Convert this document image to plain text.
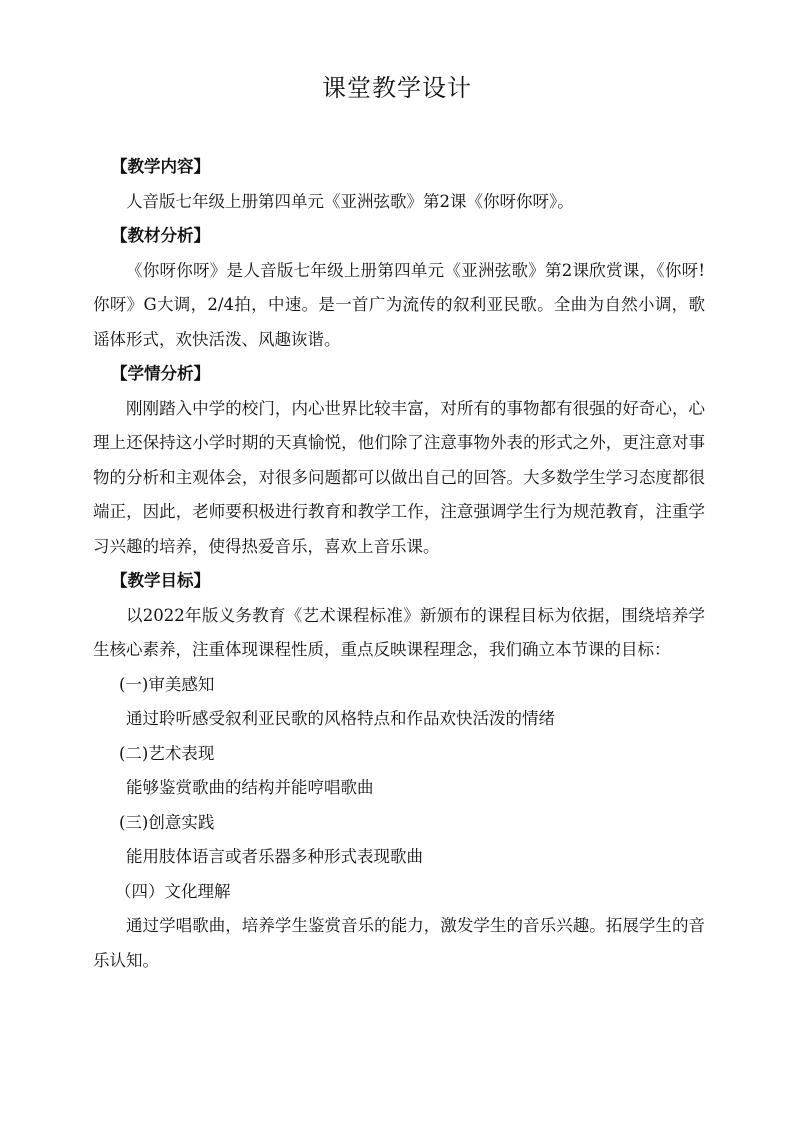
课堂教学设计

【教学内容】

人音版七年级上册第四单元《亚洲弦歌》第2课《你呀你呀》。

【教材分析】

《你呀你呀》是人音版七年级上册第四单元《亚洲弦歌》第2课欣赏课，《你呀!你呀》G大调，2/4拍，中速。是一首广为流传的叙利亚民歌。全曲为自然小调，歌谣体形式，欢快活泼、风趣诙谐。

【学情分析】

刚刚踏入中学的校门，内心世界比较丰富，对所有的事物都有很强的好奇心，心理上还保持这小学时期的天真愉悦，他们除了注意事物外表的形式之外，更注意对事物的分析和主观体会，对很多问题都可以做出自己的回答。大多数学生学习态度都很端正，因此，老师要积极进行教育和教学工作，注意强调学生行为规范教育，注重学习兴趣的培养，使得热爱音乐，喜欢上音乐课。

【教学目标】

以2022年版义务教育《艺术课程标准》新颁布的课程目标为依据，围绕培养学生核心素养，注重体现课程性质，重点反映课程理念，我们确立本节课的目标：

(一)审美感知

通过聆听感受叙利亚民歌的风格特点和作品欢快活泼的情绪

(二)艺术表现

能够鉴赏歌曲的结构并能哼唱歌曲

(三)创意实践

能用肢体语言或者乐器多种形式表现歌曲

（四）文化理解

通过学唱歌曲，培养学生鉴赏音乐的能力，激发学生的音乐兴趣。拓展学生的音乐认知。
